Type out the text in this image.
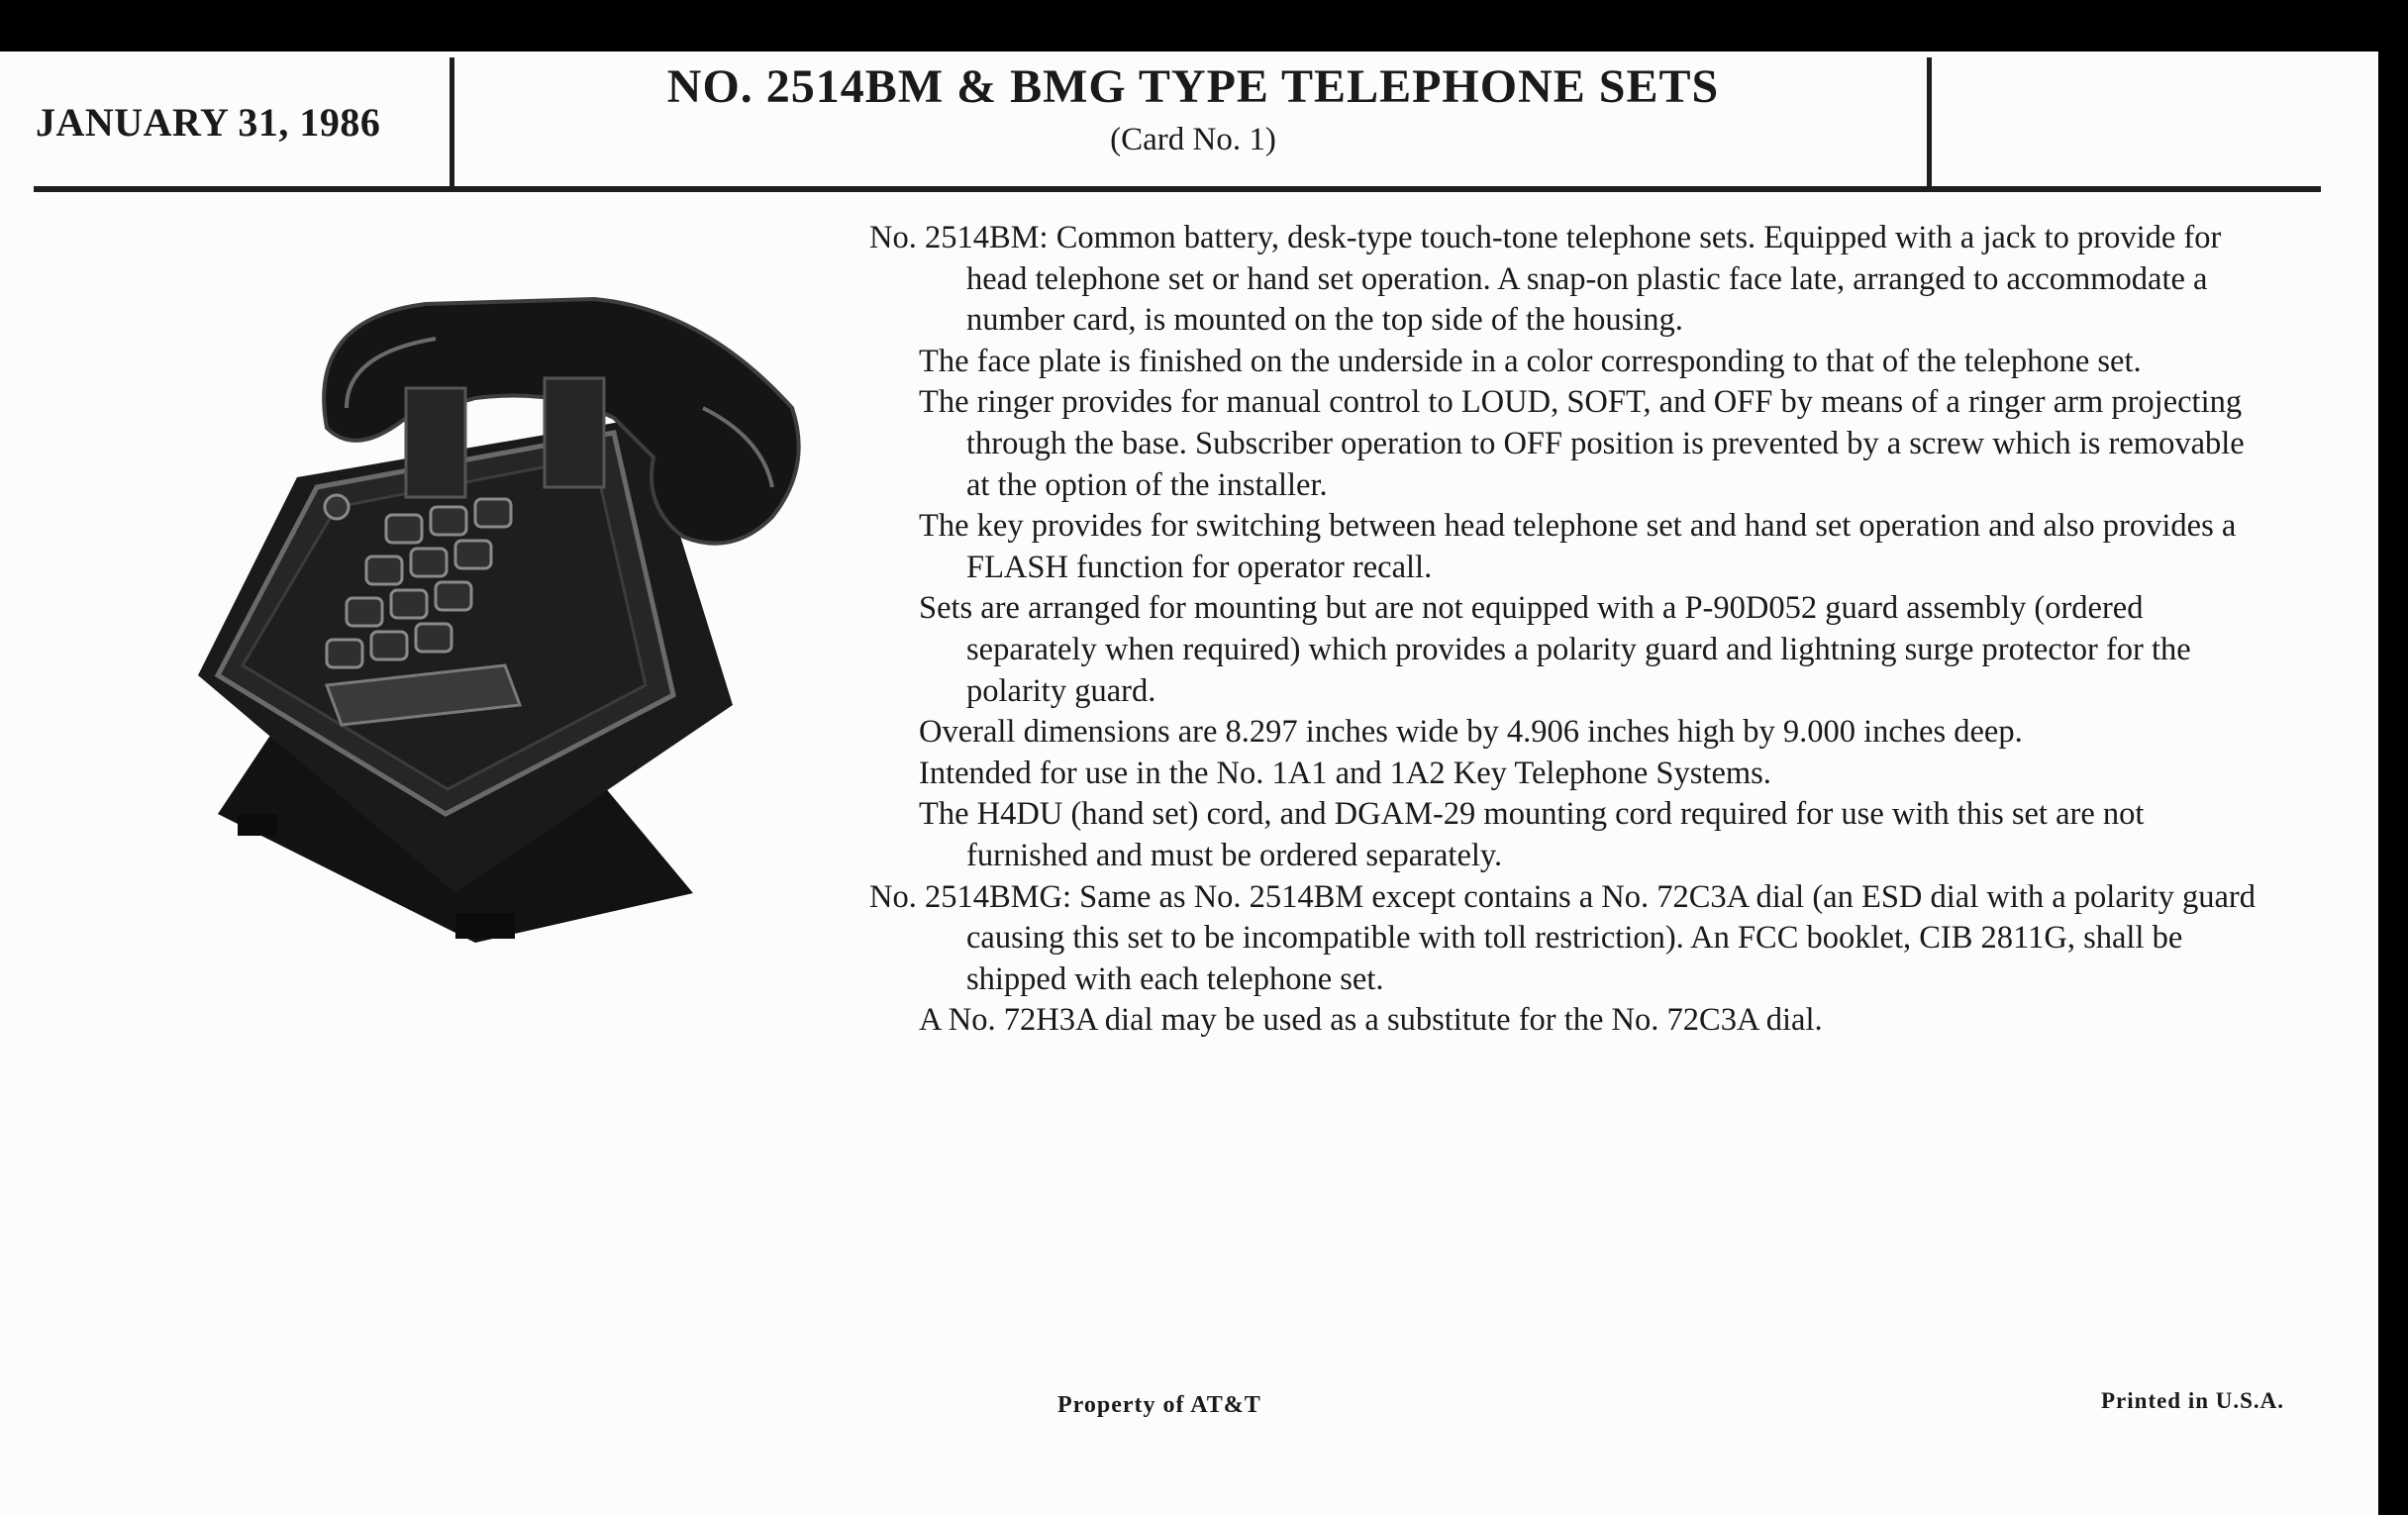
JANUARY 31, 1986
NO. 2514BM & BMG TYPE TELEPHONE SETS
(Card No. 1)

No. 2514BM: Common battery, desk-type touch-tone telephone sets. Equipped with a jack to provide for head telephone set or hand set operation. A snap-on plastic face late, arranged to accommodate a number card, is mounted on the top side of the housing.

The face plate is finished on the underside in a color corresponding to that of the telephone set.

The ringer provides for manual control to LOUD, SOFT, and OFF by means of a ringer arm projecting through the base. Subscriber operation to OFF position is prevented by a screw which is removable at the option of the installer.

The key provides for switching between head telephone set and hand set operation and also provides a FLASH function for operator recall.

Sets are arranged for mounting but are not equipped with a P-90D052 guard assembly (ordered separately when required) which provides a polarity guard and lightning surge protector for the polarity guard.

Overall dimensions are 8.297 inches wide by 4.906 inches high by 9.000 inches deep.

Intended for use in the No. 1A1 and 1A2 Key Telephone Systems.

The H4DU (hand set) cord, and DGAM-29 mounting cord required for use with this set are not furnished and must be ordered separately.

No. 2514BMG: Same as No. 2514BM except contains a No. 72C3A dial (an ESD dial with a polarity guard causing this set to be incompatible with toll restriction). An FCC booklet, CIB 2811G, shall be shipped with each telephone set.

A No. 72H3A dial may be used as a substitute for the No. 72C3A dial.

Property of AT&T	Printed in U.S.A.
